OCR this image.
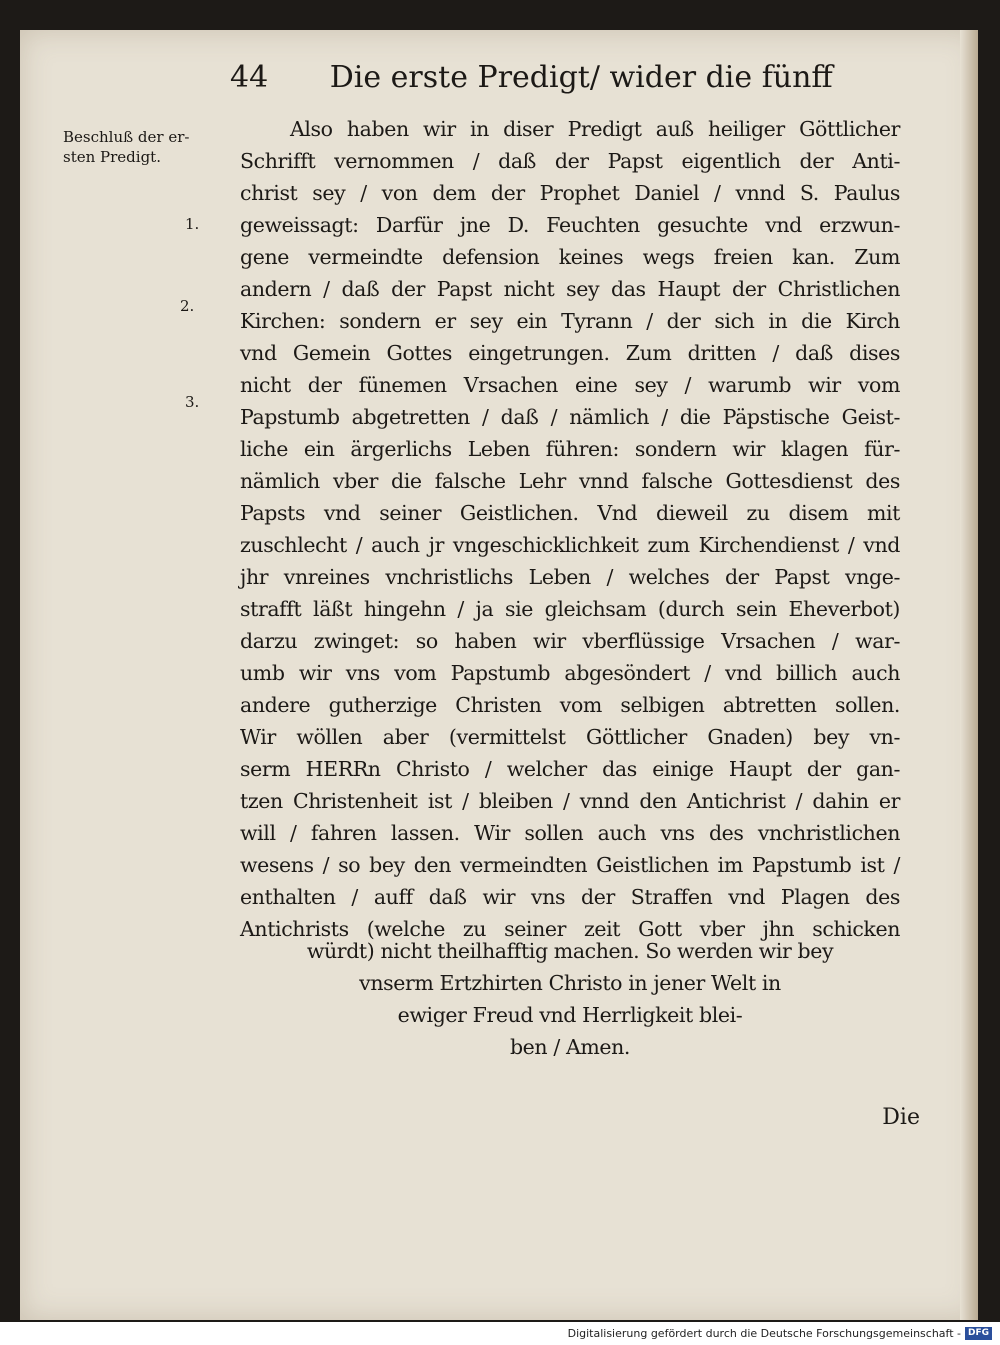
44 Die erste Predigt/ wider die fünff
Beschluß der er-
sten Predigt.
1.
2.
3.
Also haben wir in diser Predigt auß heiliger Göttlicher
Schrifft vernommen / daß der Papst eigentlich der Anti-
christ sey / von dem der Prophet Daniel / vnnd S. Paulus
geweissagt: Darfür jne D. Feuchten gesuchte vnd erzwun-
gene vermeindte defension keines wegs freien kan. Zum
andern / daß der Papst nicht sey das Haupt der Christlichen
Kirchen: sondern er sey ein Tyrann / der sich in die Kirch
vnd Gemein Gottes eingetrungen. Zum dritten / daß dises
nicht der fünemen Vrsachen eine sey / warumb wir vom
Papstumb abgetretten / daß / nämlich / die Päpstische Geist-
liche ein ärgerlichs Leben führen: sondern wir klagen für-
nämlich vber die falsche Lehr vnnd falsche Gottesdienst des
Papsts vnd seiner Geistlichen. Vnd dieweil zu disem mit
zuschlecht / auch jr vngeschicklichkeit zum Kirchendienst / vnd
jhr vnreines vnchristlichs Leben / welches der Papst vnge-
strafft läßt hingehn / ja sie gleichsam (durch sein Eheverbot)
darzu zwinget: so haben wir vberflüssige Vrsachen / war-
umb wir vns vom Papstumb abgesöndert / vnd billich auch
andere gutherzige Christen vom selbigen abtretten sollen.
Wir wöllen aber (vermittelst Göttlicher Gnaden) bey vn-
serm HERRn Christo / welcher das einige Haupt der gan-
tzen Christenheit ist / bleiben / vnnd den Antichrist / dahin er
will / fahren lassen. Wir sollen auch vns des vnchristlichen
wesens / so bey den vermeindten Geistlichen im Papstumb ist /
enthalten / auff daß wir vns der Straffen vnd Plagen des
Antichrists (welche zu seiner zeit Gott vber jhn schicken
würdt) nicht theilhafftig machen. So werden wir bey
vnserm Ertzhirten Christo in jener Welt in
ewiger Freud vnd Herrligkeit blei-
ben / Amen.
Die
Digitalisierung gefördert durch die Deutsche Forschungsgemeinschaft - DFG
